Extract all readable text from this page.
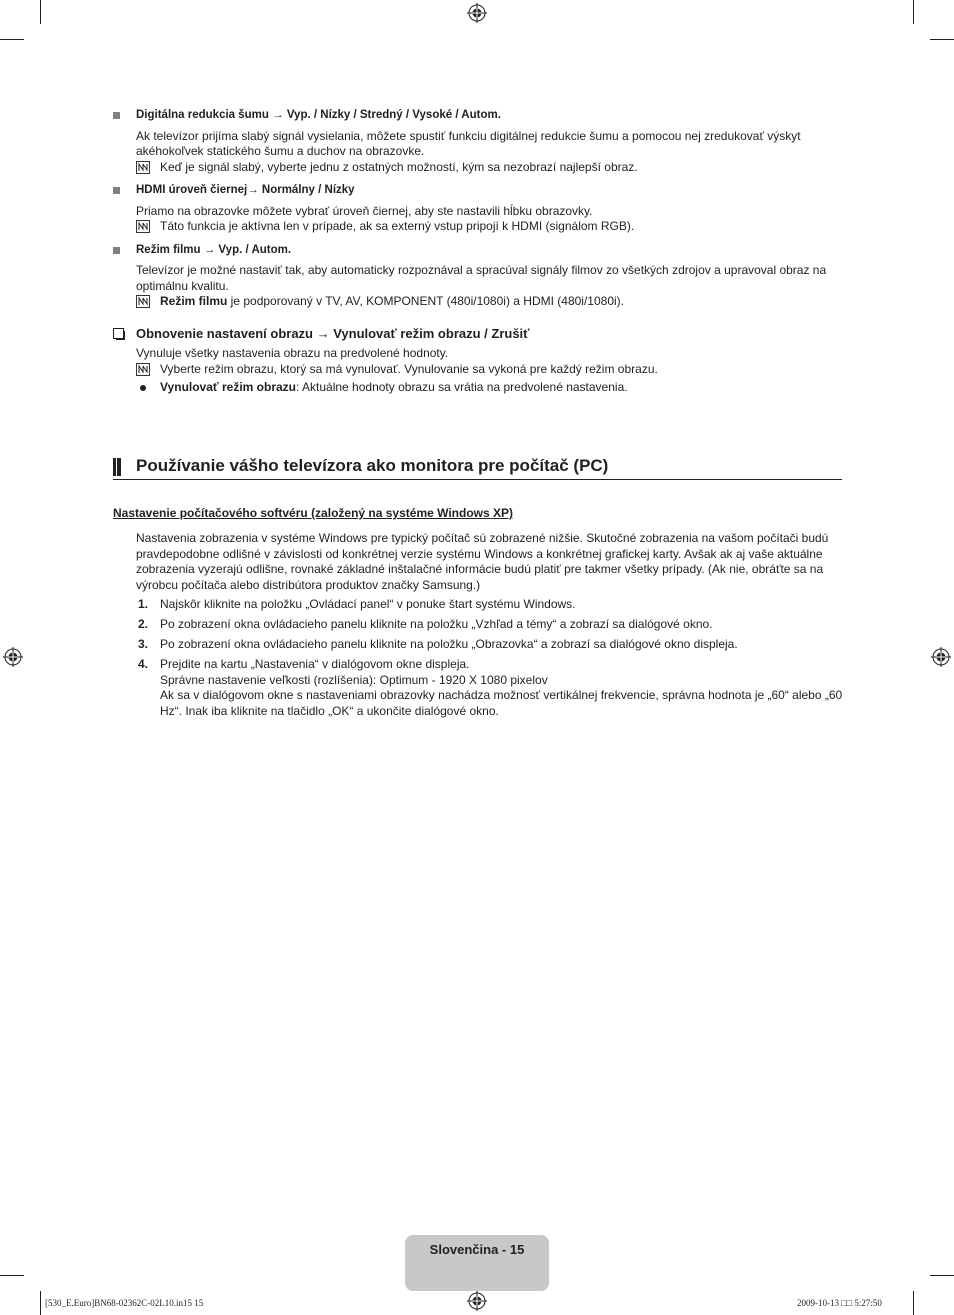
Digitálna redukcia šumu → Vyp. / Nízky / Stredný / Vysoké / Autom.

Ak televízor prijíma slabý signál vysielania, môžete spustiť funkciu digitálnej redukcie šumu a pomocou nej zredukovať výskyt akéhokoľvek statického šumu a duchov na obrazovke.

Keď je signál slabý, vyberte jednu z ostatných možností, kým sa nezobrazí najlepší obraz.
HDMI úroveň čiernej→ Normálny / Nízky

Priamo na obrazovke môžete vybrať úroveň čiernej, aby ste nastavili hĺbku obrazovky.

Táto funkcia je aktívna len v prípade, ak sa externý vstup pripojí k HDMI (signálom RGB).
Režim filmu → Vyp. / Autom.

Televízor je možné nastaviť tak, aby automaticky rozpoznával a spracúval signály filmov zo všetkých zdrojov a upravoval obraz na optimálnu kvalitu.

Režim filmu je podporovaný v TV, AV, KOMPONENT (480i/1080i) a HDMI (480i/1080i).
Obnovenie nastavení obrazu → Vynulovať režim obrazu / Zrušiť

Vynuluje všetky nastavenia obrazu na predvolené hodnoty.

Vyberte režim obrazu, ktorý sa má vynulovať. Vynulovanie sa vykoná pre každý režim obrazu.
Vynulovať režim obrazu: Aktuálne hodnoty obrazu sa vrátia na predvolené nastavenia.
Používanie vášho televízora ako monitora pre počítač (PC)
Nastavenie počítačového softvéru (založený na systéme Windows XP)

Nastavenia zobrazenia v systéme Windows pre typický počítač sú zobrazené nižšie. Skutočné zobrazenia na vašom počítači budú pravdepodobne odlišné v závislosti od konkrétnej verzie systému Windows a konkrétnej grafickej karty. Avšak ak aj vaše aktuálne zobrazenia vyzerajú odlišne, rovnaké základné inštalačné informácie budú platiť pre takmer všetky prípady. (Ak nie, obráťte sa na výrobcu počítača alebo distribútora produktov značky Samsung.)

1. Najskôr kliknite na položku „Ovládací panel“ v ponuke štart systému Windows.
2. Po zobrazení okna ovládacieho panelu kliknite na položku „Vzhľad a témy“ a zobrazí sa dialógové okno.
3. Po zobrazení okna ovládacieho panelu kliknite na položku „Obrazovka“ a zobrazí sa dialógové okno displeja.
4. Prejdite na kartu „Nastavenia“ v dialógovom okne displeja.
Správne nastavenie veľkosti (rozlíšenia): Optimum - 1920 X 1080 pixelov
Ak sa v dialógovom okne s nastaveniami obrazovky nachádza možnosť vertikálnej frekvencie, správna hodnota je „60“ alebo „60 Hz“. Inak iba kliknite na tlačidlo „OK“ a ukončite dialógové okno.
Slovenčina - 15
[530_E.Euro]BN68-02362C-02L10.in15 15	2009-10-13 □□ 5:27:50
